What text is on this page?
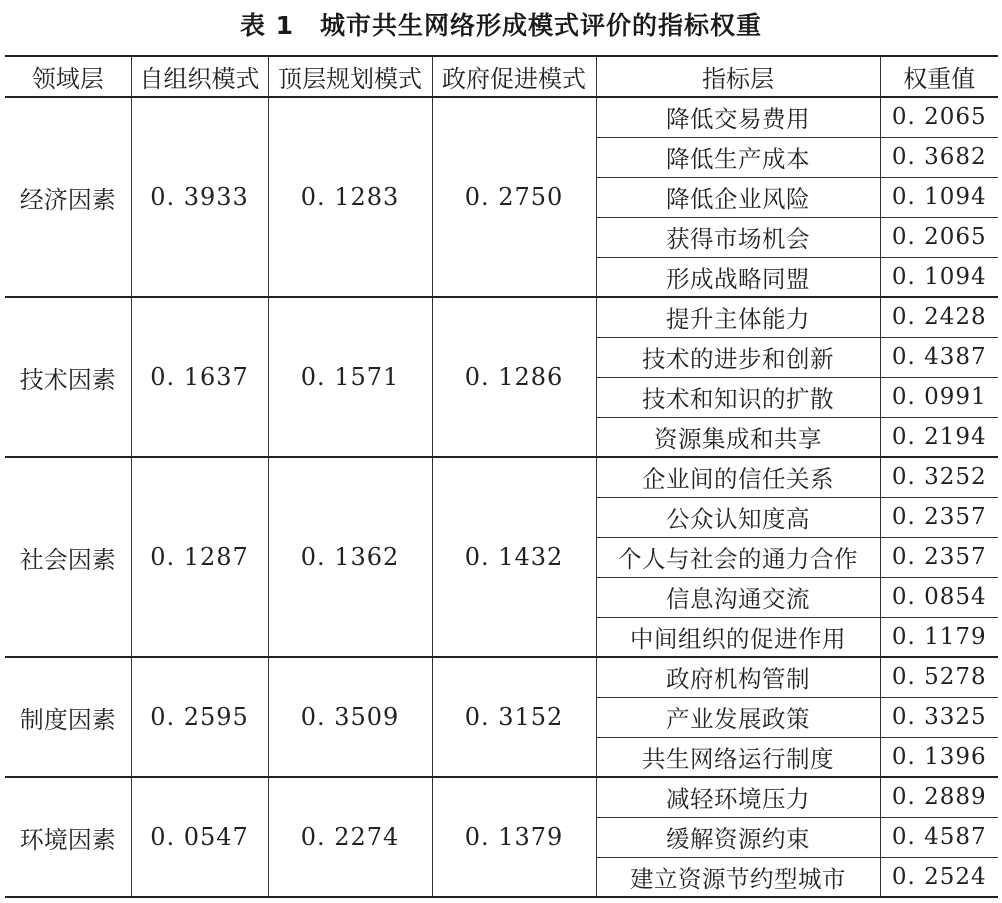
表 1 城市共生网络形成模式评价的指标权重
领域层	自组织模式	顶层规划模式	政府促进模式	指标层	权重值
经济因素	0. 3933	0. 1283	0. 2750	降低交易费用	0. 2065
				降低生产成本	0. 3682
				降低企业风险	0. 1094
				获得市场机会	0. 2065
				形成战略同盟	0. 1094
技术因素	0. 1637	0. 1571	0. 1286	提升主体能力	0. 2428
				技术的进步和创新	0. 4387
				技术和知识的扩散	0. 0991
				资源集成和共享	0. 2194
社会因素	0. 1287	0. 1362	0. 1432	企业间的信任关系	0. 3252
				公众认知度高	0. 2357
				个人与社会的通力合作	0. 2357
				信息沟通交流	0. 0854
				中间组织的促进作用	0. 1179
制度因素	0. 2595	0. 3509	0. 3152	政府机构管制	0. 5278
				产业发展政策	0. 3325
				共生网络运行制度	0. 1396
环境因素	0. 0547	0. 2274	0. 1379	减轻环境压力	0. 2889
				缓解资源约束	0. 4587
				建立资源节约型城市	0. 2524
